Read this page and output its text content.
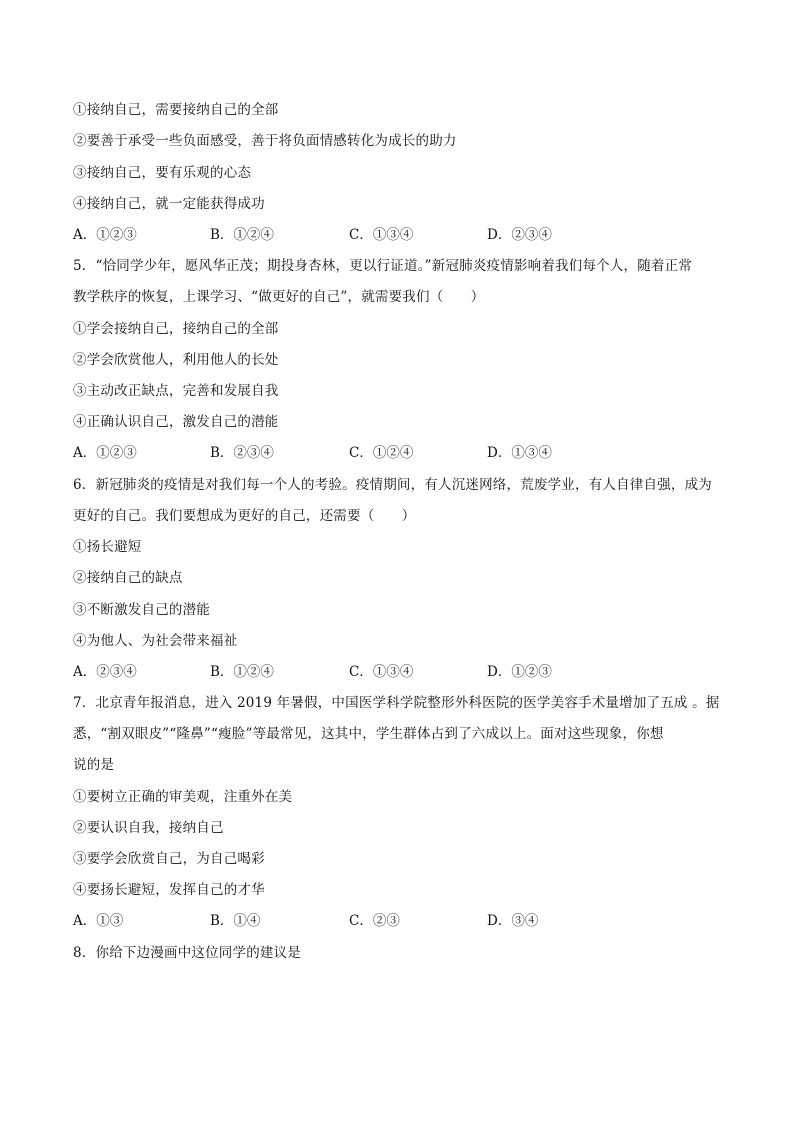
①接纳自己，需要接纳自己的全部
②要善于承受一些负面感受，善于将负面情感转化为成长的助力
③接纳自己，要有乐观的心态
④接纳自己，就一定能获得成功
A．①②③	B．①②④	C．①③④	D．②③④
5．“恰同学少年，愿风华正茂；期投身杏林，更以行证道。”新冠肺炎疫情影响着我们每个人，随着正常
教学秩序的恢复，上课学习、“做更好的自己”，就需要我们（　　）
①学会接纳自己，接纳自己的全部
②学会欣赏他人，利用他人的长处
③主动改正缺点，完善和发展自我
④正确认识自己，激发自己的潜能
A．①②③	B．②③④	C．①②④	D．①③④
6．新冠肺炎的疫情是对我们每一个人的考验。疫情期间，有人沉迷网络，荒废学业，有人自律自强，成为
更好的自己。我们要想成为更好的自己，还需要（　　）
①扬长避短
②接纳自己的缺点
③不断激发自己的潜能
④为他人、为社会带来福祉
A．②③④	B．①②④	C．①③④	D．①②③
7．北京青年报消息，进入 2019 年暑假，中国医学科学院整形外科医院的医学美容手术量增加了五成 。据
悉，“割双眼皮”“隆鼻”“瘦脸”等最常见，这其中，学生群体占到了六成以上。面对这些现象，你想
说的是
①要树立正确的审美观，注重外在美
②要认识自我，接纳自己
③要学会欣赏自己，为自己喝彩
④要扬长避短，发挥自己的才华
A．①③	B．①④	C．②③	D．③④
8．你给下边漫画中这位同学的建议是
